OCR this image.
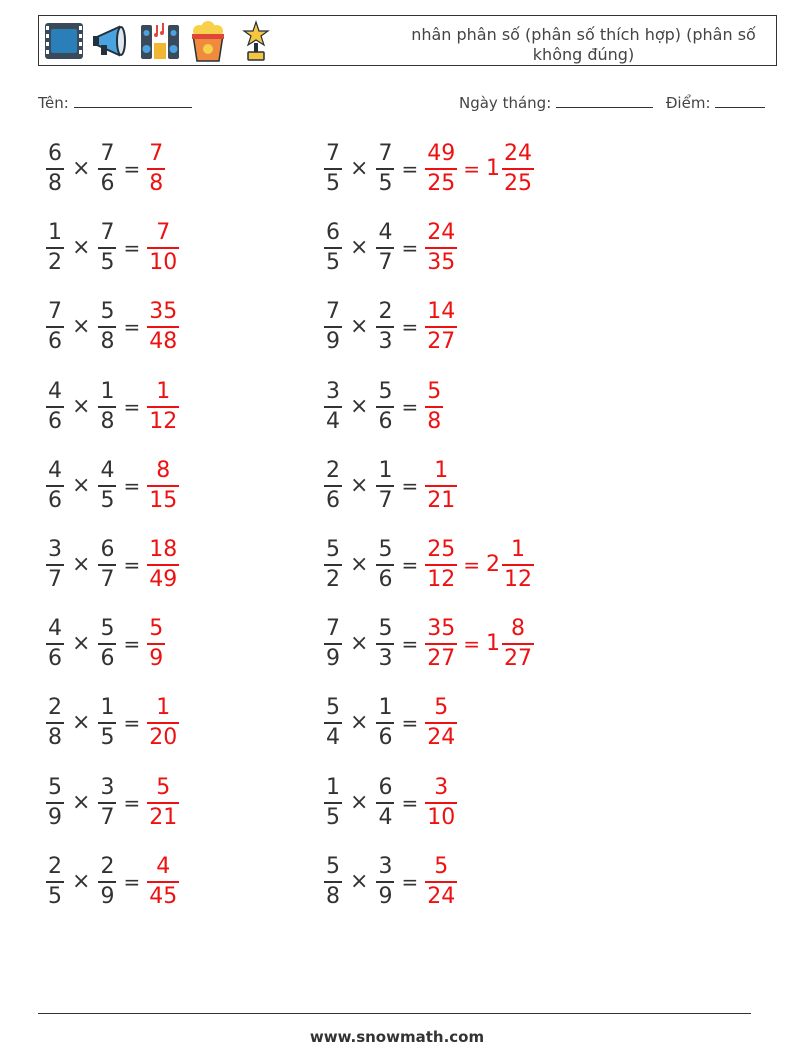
nhân phân số (phân số thích hợp) (phân số không đúng)
Tên:	Ngày tháng:	Điểm:
$\frac{6}{8} \times \frac{7}{6} = \frac{7}{8}$
$\frac{1}{2} \times \frac{7}{5} = \frac{7}{10}$
$\frac{7}{6} \times \frac{5}{8} = \frac{35}{48}$
$\frac{4}{6} \times \frac{1}{8} = \frac{1}{12}$
$\frac{4}{6} \times \frac{4}{5} = \frac{8}{15}$
$\frac{3}{7} \times \frac{6}{7} = \frac{18}{49}$
$\frac{4}{6} \times \frac{5}{6} = \frac{5}{9}$
$\frac{2}{8} \times \frac{1}{5} = \frac{1}{20}$
$\frac{5}{9} \times \frac{3}{7} = \frac{5}{21}$
$\frac{2}{5} \times \frac{2}{9} = \frac{4}{45}$
$\frac{7}{5} \times \frac{7}{5} = \frac{49}{25} = 1 \frac{24}{25}$
$\frac{6}{5} \times \frac{4}{7} = \frac{24}{35}$
$\frac{7}{9} \times \frac{2}{3} = \frac{14}{27}$
$\frac{3}{4} \times \frac{5}{6} = \frac{5}{8}$
$\frac{2}{6} \times \frac{1}{7} = \frac{1}{21}$
$\frac{5}{2} \times \frac{5}{6} = \frac{25}{12} = 2 \frac{1}{12}$
$\frac{7}{9} \times \frac{5}{3} = \frac{35}{27} = 1 \frac{8}{27}$
$\frac{5}{4} \times \frac{1}{6} = \frac{5}{24}$
$\frac{1}{5} \times \frac{6}{4} = \frac{3}{10}$
$\frac{5}{8} \times \frac{3}{9} = \frac{5}{24}$
www.snowmath.com
